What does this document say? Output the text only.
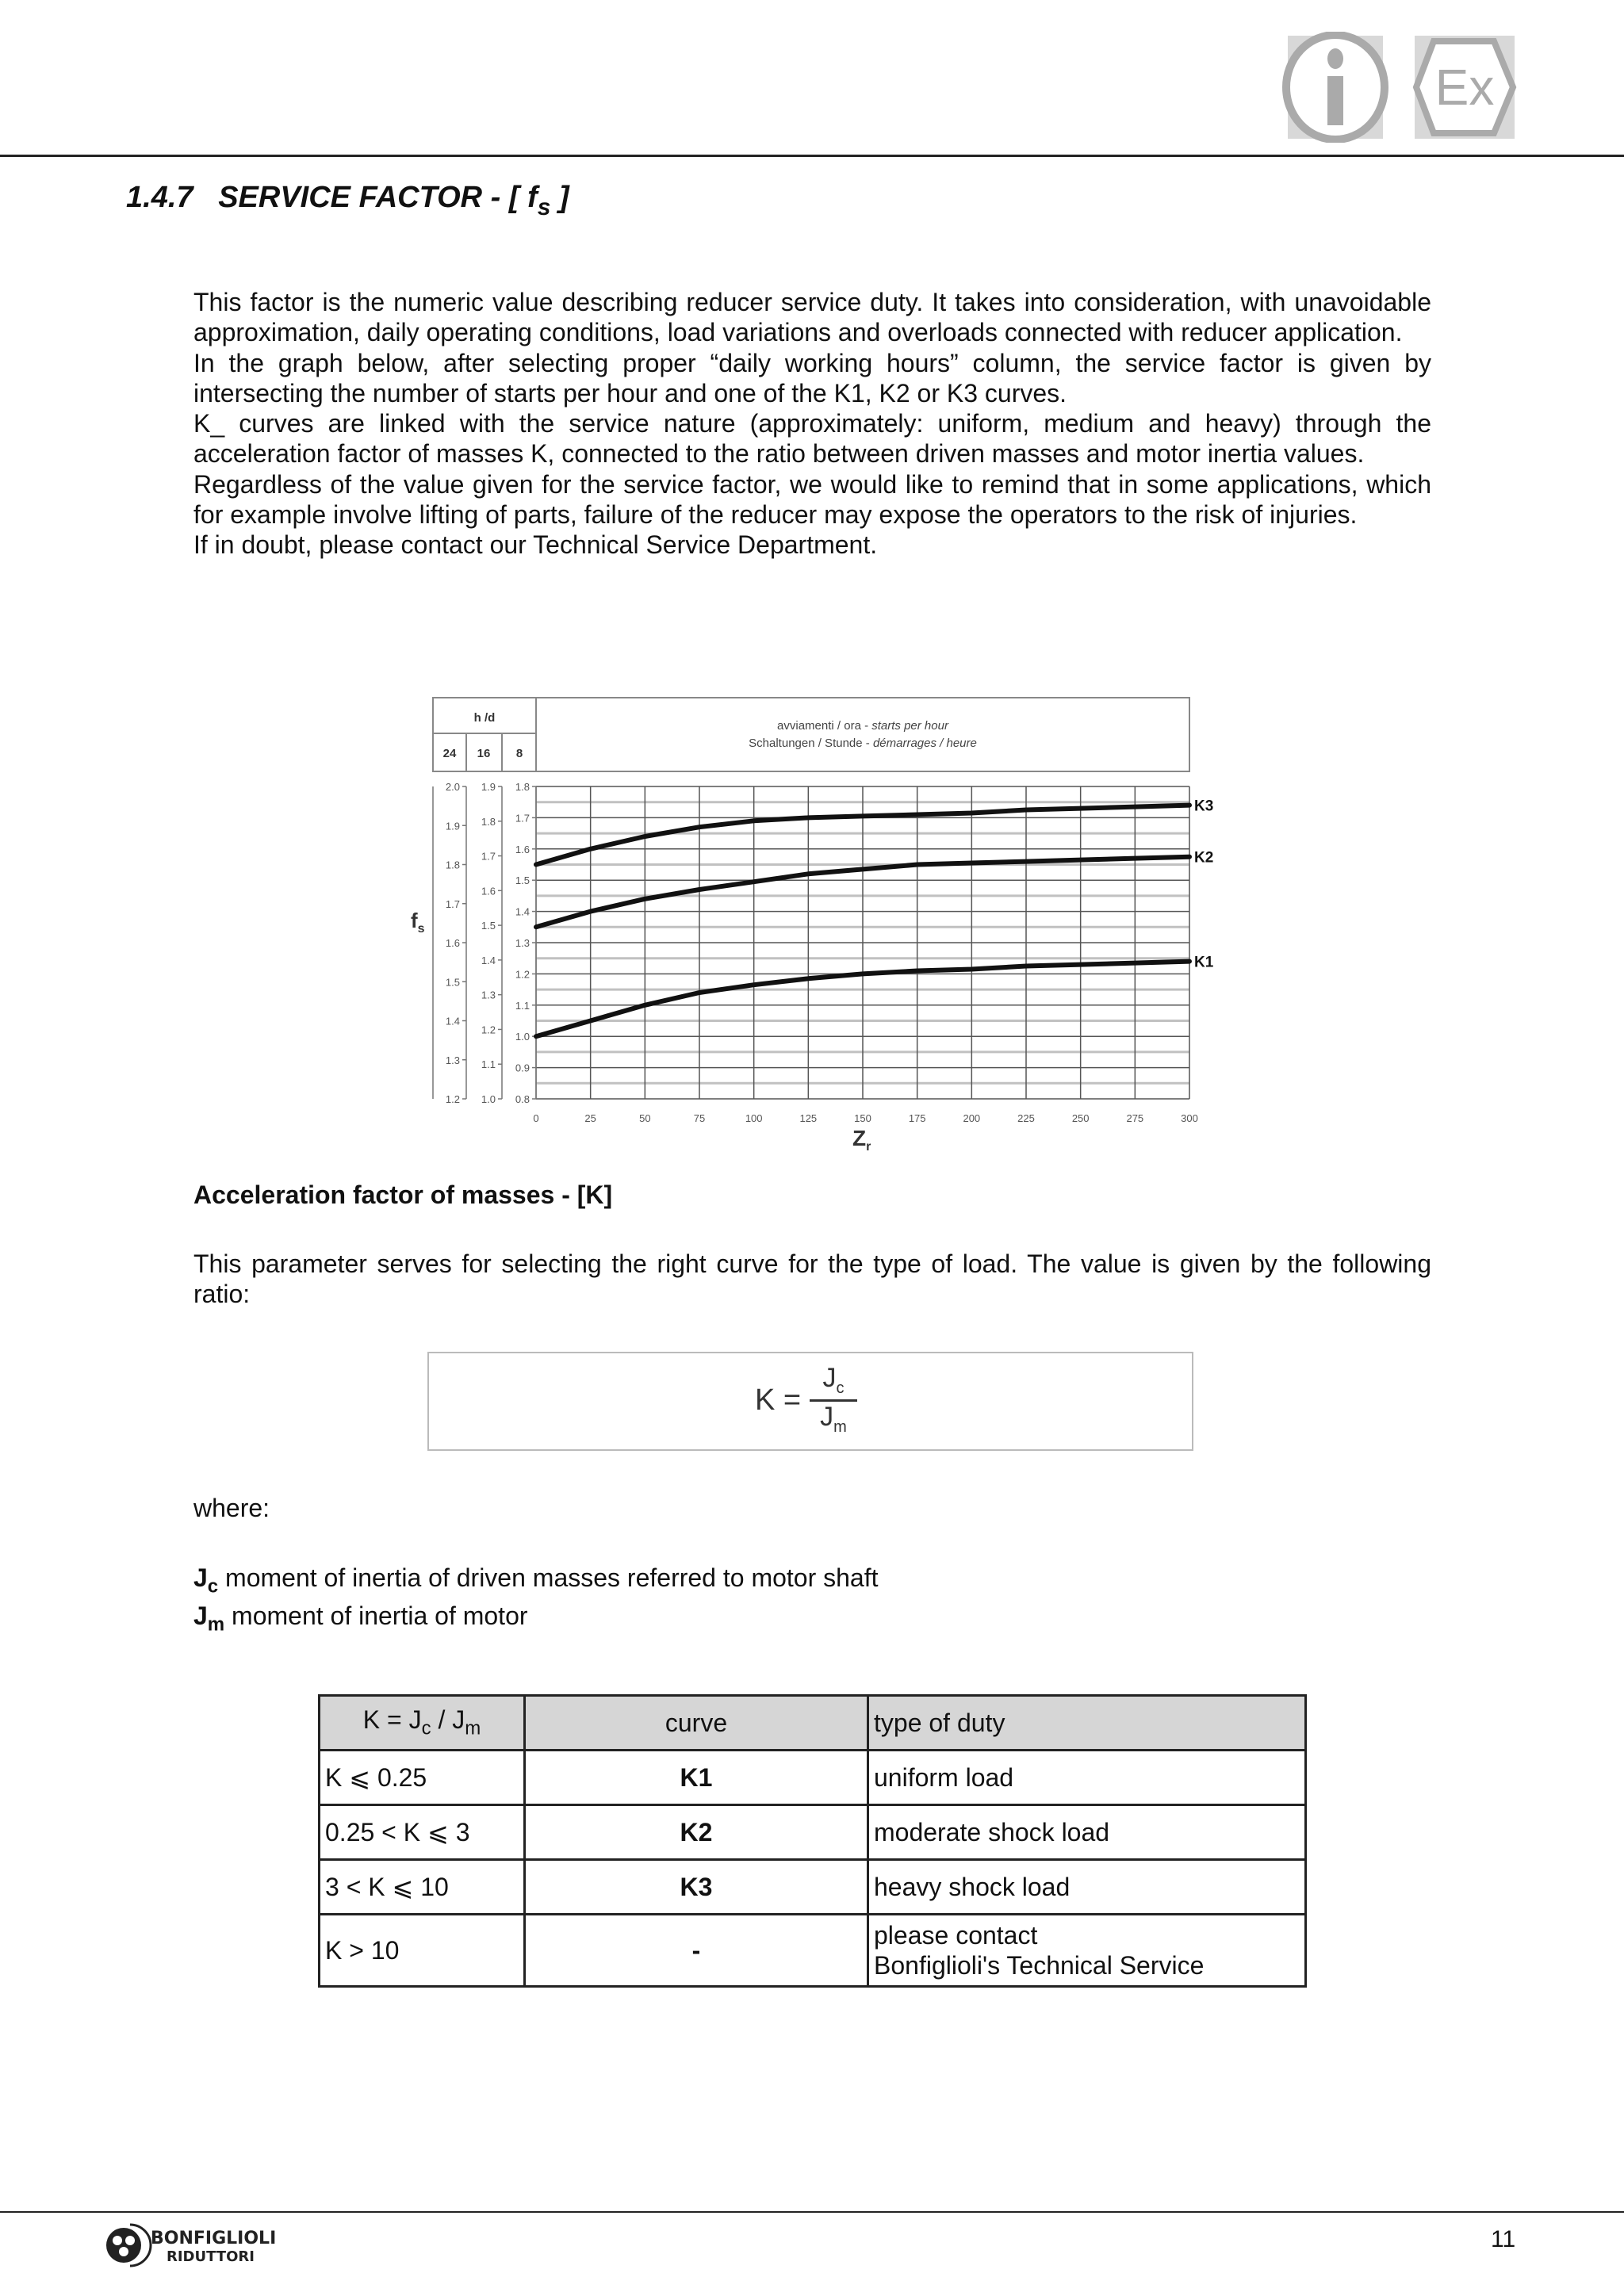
Ex
1.4.7   SERVICE FACTOR - [ $f_s$ ]

This factor is the numeric value describing reducer service duty. It takes into consideration, with unavoidable approximation, daily operating conditions, load variations and overloads connected with reducer application.

In the graph below, after selecting proper “daily working hours” column, the service factor is given by intersecting the number of starts per hour and one of the K1, K2 or K3 curves.

K_ curves are linked with the service nature (approximately: uniform, medium and heavy) through the acceleration factor of masses K, connected to the ratio between driven masses and motor inertia values.

Regardless of the value given for the service factor, we would like to remind that in some applications, which for example involve lifting of parts, failure of the reducer may expose the operators to the risk of injuries.

If in doubt, please contact our Technical Service Department.

h /d
24 16 8
avviamenti / ora - starts per hour
Schaltungen / Stunde - démarrages / heure
0	25	50	75	100	125	150	175	200	225	250	275	300
2.0
1.9
1.8
1.7
1.6
1.5
1.4
1.3
1.2
1.9
1.8
1.7
1.6
1.5
1.4
1.3
1.2
1.1
1.0
1.8
1.7
1.6
1.5
1.4
1.3
1.2
1.1
1.0
0.9
0.8
$f_s$
$Z_r$
K3
K2
K1
Acceleration factor of masses - [K]
This parameter serves for selecting the right curve for the type of load. The value is given by the following ratio:
$K = \frac{J_c}{J_m}$
where:
$J_c$ moment of inertia of driven masses referred to motor shaft
$J_m$ moment of inertia of motor
$K = J_c / J_m$	curve	type of duty
K ⩽ 0.25	K1	uniform load
0.25 < K ⩽ 3	K2	moderate shock load
3 < K ⩽ 10	K3	heavy shock load
K > 10	-	please contact
Bonfiglioli's Technical Service
BONFIGLIOLI
RIDUTTORI
11
